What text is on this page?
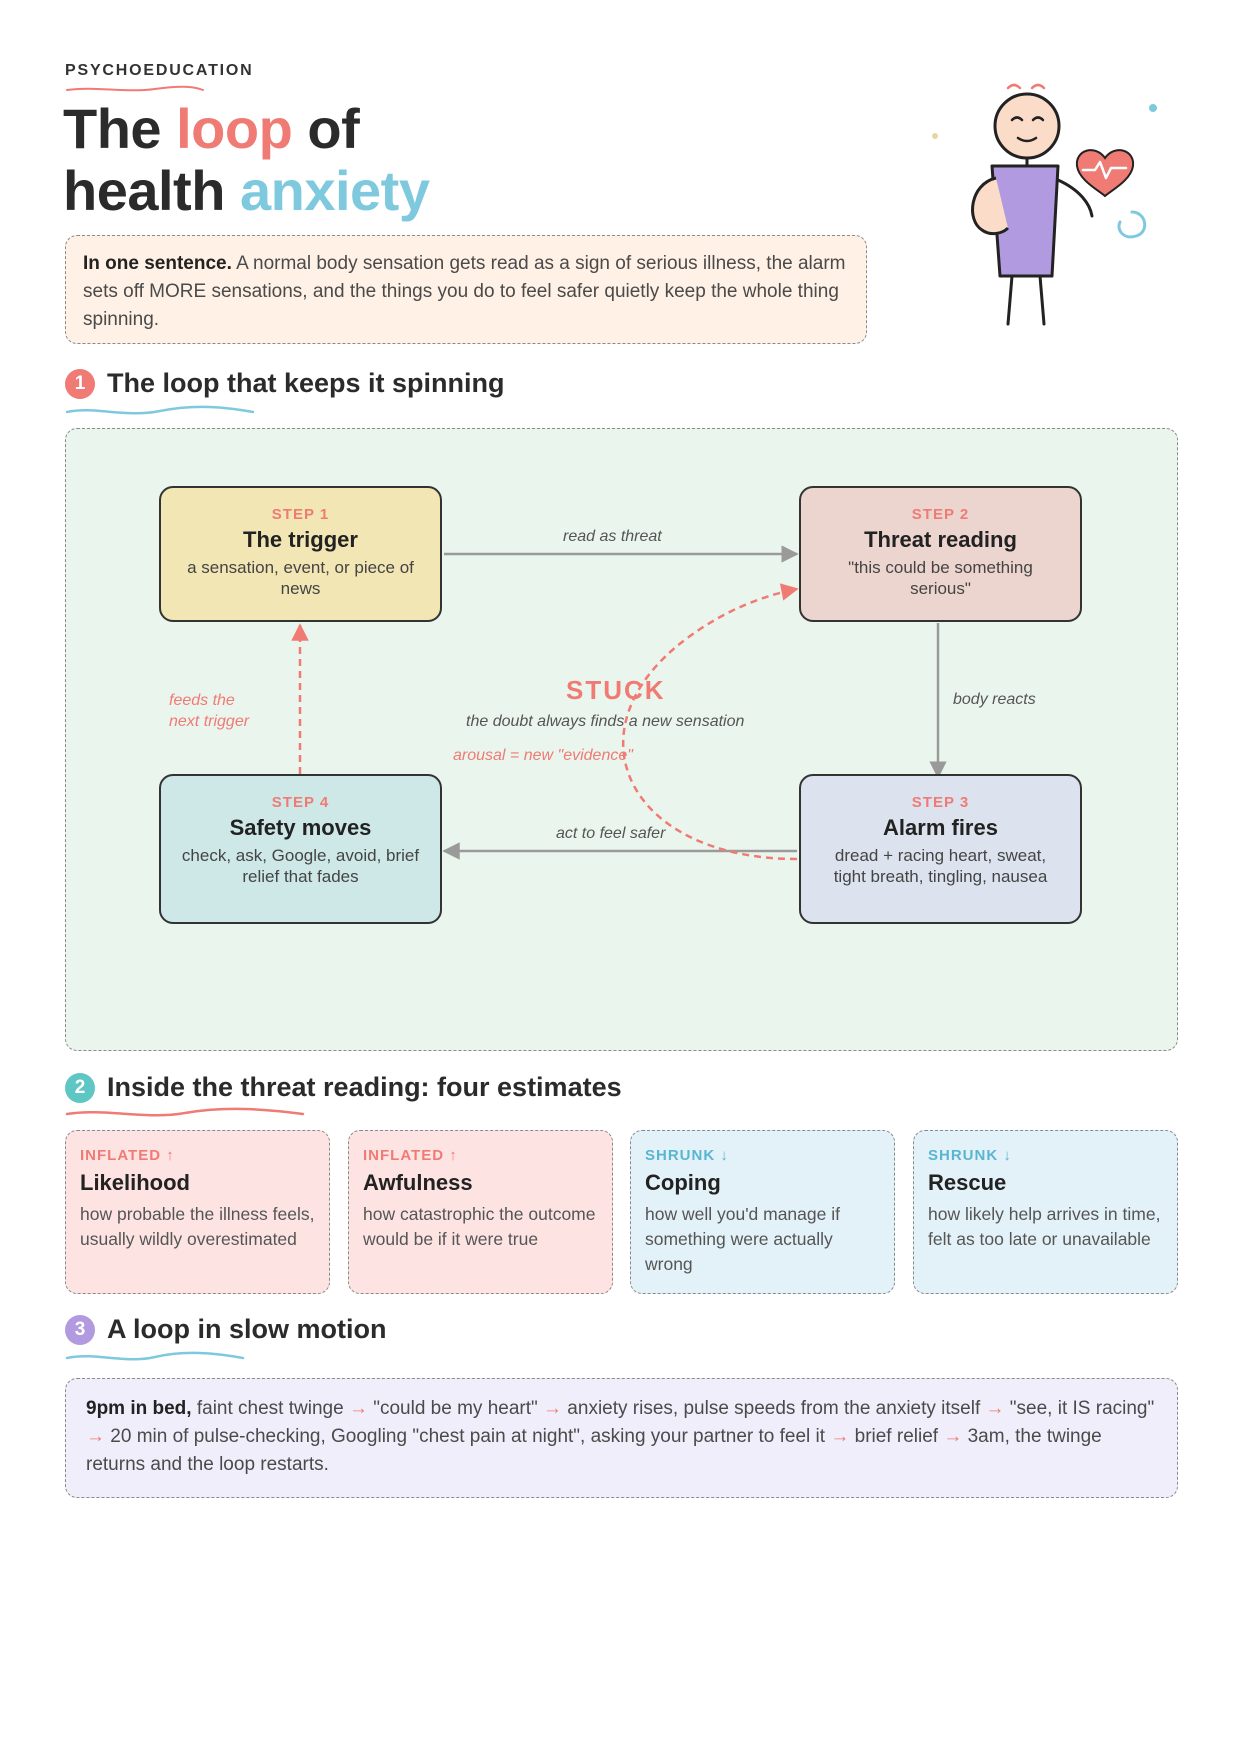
PSYCHOEDUCATION
The loop of
health anxiety
In one sentence. A normal body sensation gets read as a sign of serious illness, the alarm sets off MORE sensations, and the things you do to feel safer quietly keep the whole thing spinning.
1 The loop that keeps it spinning
STEP 1
The trigger
a sensation, event, or piece of news
STEP 2
Threat reading
"this could be something serious"
STEP 3
Alarm fires
dread + racing heart, sweat, tight breath, tingling, nausea
STEP 4
Safety moves
check, ask, Google, avoid, brief relief that fades
read as threat
body reacts
act to feel safer
feeds the
next trigger
STUCK
the doubt always finds a new sensation
arousal = new "evidence"
2 Inside the threat reading: four estimates
INFLATED ↑
Likelihood
how probable the illness feels, usually wildly overestimated
INFLATED ↑
Awfulness
how catastrophic the outcome would be if it were true
SHRUNK ↓
Coping
how well you'd manage if something were actually wrong
SHRUNK ↓
Rescue
how likely help arrives in time, felt as too late or unavailable
3 A loop in slow motion
9pm in bed, faint chest twinge → "could be my heart" → anxiety rises, pulse speeds from the anxiety itself → "see, it IS racing" → 20 min of pulse-checking, Googling "chest pain at night", asking your partner to feel it → brief relief → 3am, the twinge returns and the loop restarts.
